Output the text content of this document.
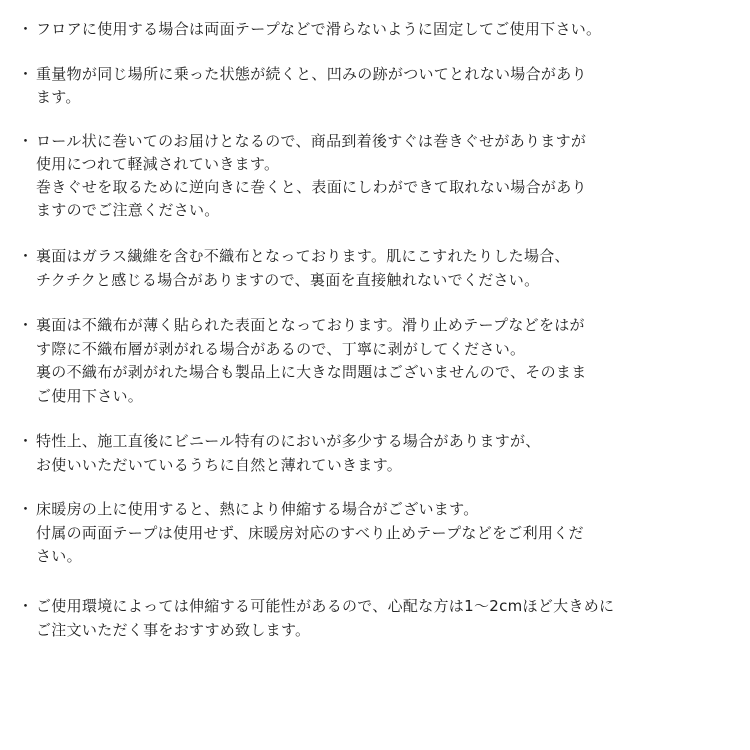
・ フロアに使用する場合は両面テープなどで滑らないように固定してご使用下さい。
・ 重量物が同じ場所に乗った状態が続くと、凹みの跡がついてとれない場合があり
ます。
・ ロール状に巻いてのお届けとなるので、商品到着後すぐは巻きぐせがありますが
使用につれて軽減されていきます。
巻きぐせを取るために逆向きに巻くと、表面にしわができて取れない場合があり
ますのでご注意ください。
・ 裏面はガラス繊維を含む不織布となっております。肌にこすれたりした場合、
チクチクと感じる場合がありますので、裏面を直接触れないでください。
・ 裏面は不織布が薄く貼られた表面となっております。滑り止めテープなどをはが
す際に不織布層が剥がれる場合があるので、丁寧に剥がしてください。
裏の不織布が剥がれた場合も製品上に大きな問題はございませんので、そのまま
ご使用下さい。
・ 特性上、施工直後にビニール特有のにおいが多少する場合がありますが、
お使いいただいているうちに自然と薄れていきます。
・ 床暖房の上に使用すると、熱により伸縮する場合がございます。
付属の両面テープは使用せず、床暖房対応のすべり止めテープなどをご利用くだ
さい。
・ ご使用環境によっては伸縮する可能性があるので、心配な方は1～2cmほど大きめに
ご注文いただく事をおすすめ致します。
